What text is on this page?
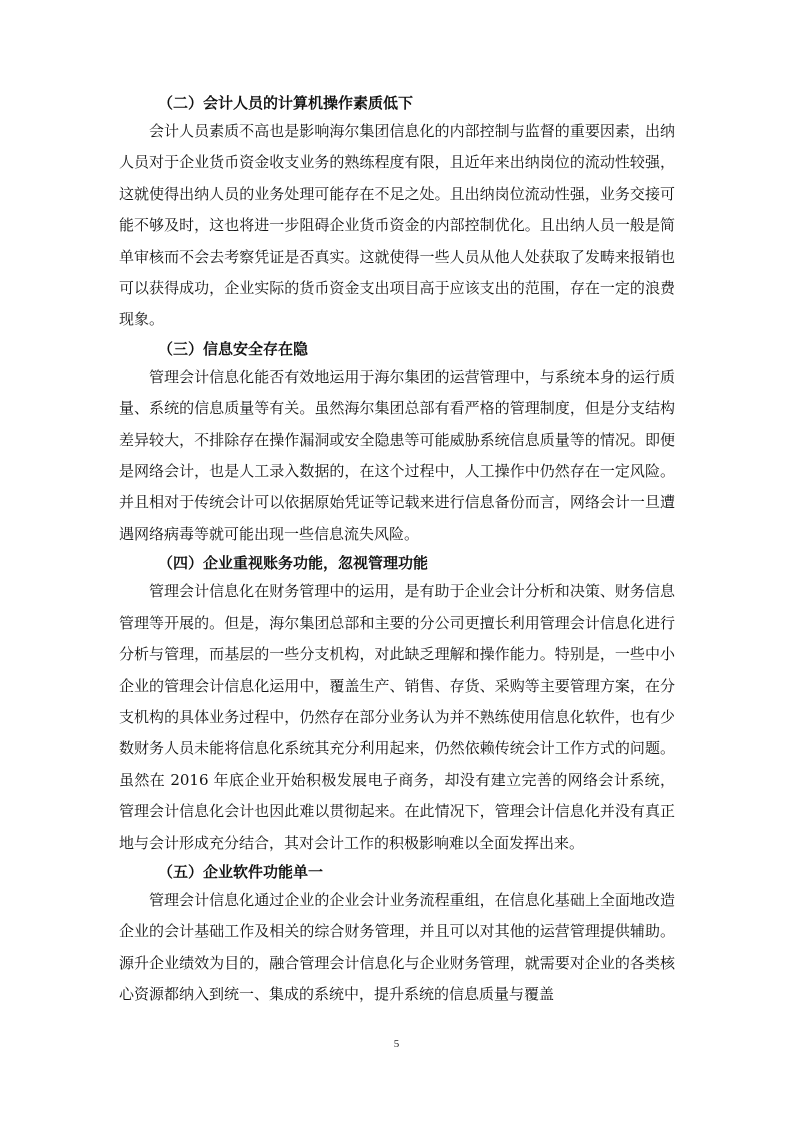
（二）会计人员的计算机操作素质低下

会计人员素质不高也是影响海尔集团信息化的内部控制与监督的重要因素，出纳人员对于企业货币资金收支业务的熟练程度有限，且近年来出纳岗位的流动性较强，这就使得出纳人员的业务处理可能存在不足之处。且出纳岗位流动性强，业务交接可能不够及时，这也将进一步阻碍企业货币资金的内部控制优化。且出纳人员一般是简单审核而不会去考察凭证是否真实。这就使得一些人员从他人处获取了发畴来报销也可以获得成功，企业实际的货币资金支出项目高于应该支出的范围，存在一定的浪费现象。

（三）信息安全存在隐

管理会计信息化能否有效地运用于海尔集团的运营管理中，与系统本身的运行质量、系统的信息质量等有关。虽然海尔集团总部有看严格的管理制度，但是分支结构差异较大，不排除存在操作漏洞或安全隐患等可能威胁系统信息质量等的情况。即便是网络会计，也是人工录入数据的，在这个过程中，人工操作中仍然存在一定风险。并且相对于传统会计可以依据原始凭证等记载来进行信息备份而言，网络会计一旦遭遇网络病毒等就可能出现一些信息流失风险。

（四）企业重视账务功能，忽视管理功能

管理会计信息化在财务管理中的运用，是有助于企业会计分析和决策、财务信息管理等开展的。但是，海尔集团总部和主要的分公司更擅长利用管理会计信息化进行分析与管理，而基层的一些分支机构，对此缺乏理解和操作能力。特别是，一些中小企业的管理会计信息化运用中，覆盖生产、销售、存货、采购等主要管理方案，在分支机构的具体业务过程中，仍然存在部分业务认为并不熟练使用信息化软件，也有少数财务人员未能将信息化系统其充分利用起来，仍然依赖传统会计工作方式的问题。虽然在 2016 年底企业开始积极发展电子商务，却没有建立完善的网络会计系统，管理会计信息化会计也因此难以贯彻起来。在此情况下，管理会计信息化并没有真正地与会计形成充分结合，其对会计工作的积极影响难以全面发挥出来。

（五）企业软件功能单一

管理会计信息化通过企业的企业会计业务流程重组，在信息化基础上全面地改造企业的会计基础工作及相关的综合财务管理，并且可以对其他的运营管理提供辅助。源升企业绩效为目的，融合管理会计信息化与企业财务管理，就需要对企业的各类核心资源都纳入到统一、集成的系统中，提升系统的信息质量与覆盖

5
